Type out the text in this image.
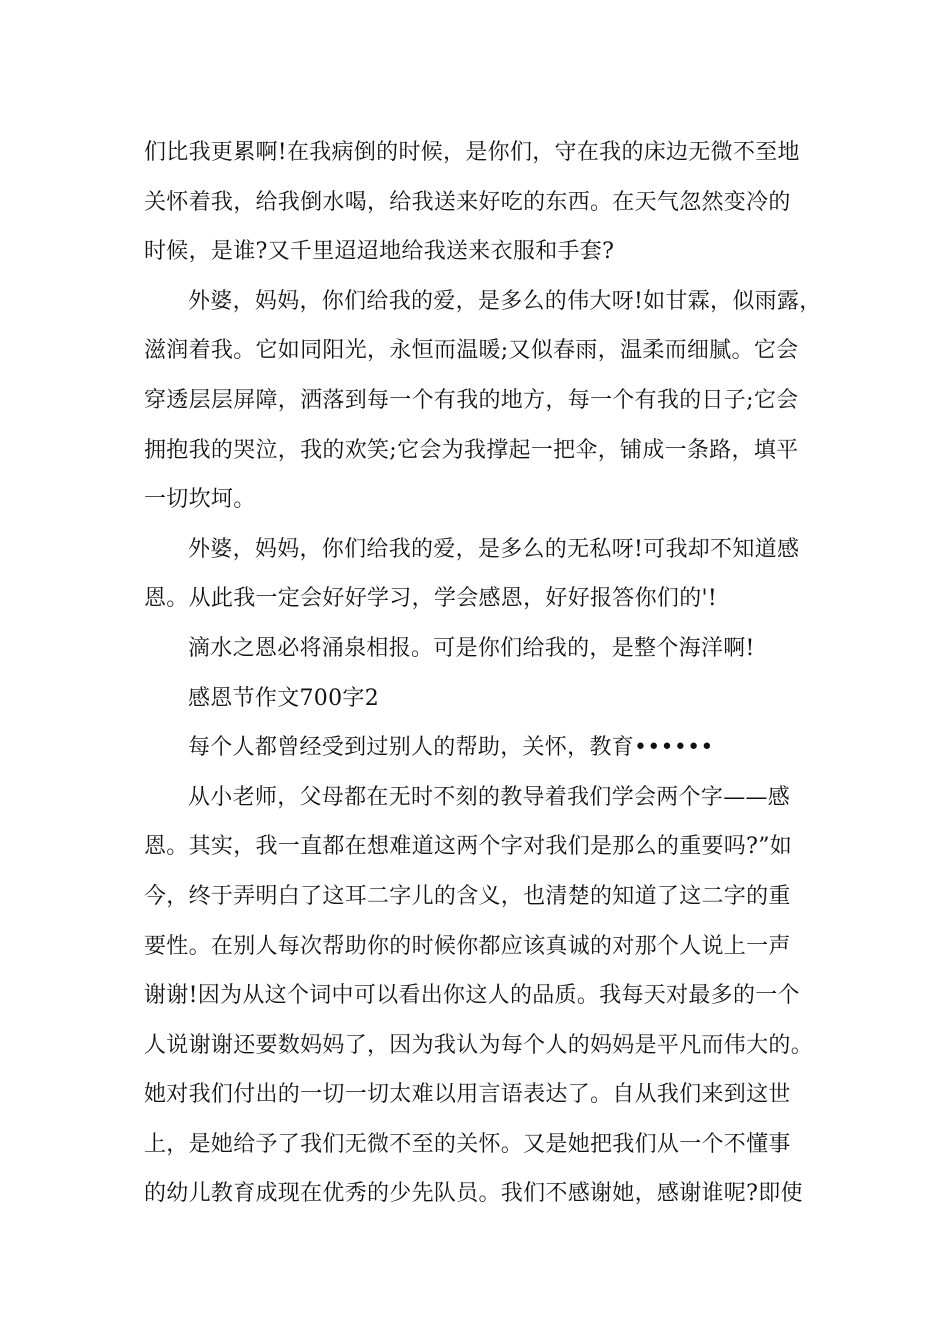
们比我更累啊!在我病倒的时候，是你们，守在我的床边无微不至地
关怀着我，给我倒水喝，给我送来好吃的东西。在天气忽然变冷的
时候，是谁?又千里迢迢地给我送来衣服和手套?

外婆，妈妈，你们给我的爱，是多么的伟大呀!如甘霖，似雨露，
滋润着我。它如同阳光，永恒而温暖;又似春雨，温柔而细腻。它会
穿透层层屏障，洒落到每一个有我的地方，每一个有我的日子;它会
拥抱我的哭泣，我的欢笑;它会为我撑起一把伞，铺成一条路，填平
一切坎坷。

外婆，妈妈，你们给我的爱，是多么的无私呀!可我却不知道感
恩。从此我一定会好好学习，学会感恩，好好报答你们的'!

滴水之恩必将涌泉相报。可是你们给我的，是整个海洋啊!

感恩节作文700字2

每个人都曾经受到过别人的帮助，关怀，教育••••••

从小老师，父母都在无时不刻的教导着我们学会两个字——感
恩。其实，我一直都在想难道这两个字对我们是那么的重要吗?”如
今，终于弄明白了这耳二字儿的含义，也清楚的知道了这二字的重
要性。在别人每次帮助你的时候你都应该真诚的对那个人说上一声
谢谢!因为从这个词中可以看出你这人的品质。我每天对最多的一个
人说谢谢还要数妈妈了，因为我认为每个人的妈妈是平凡而伟大的。
她对我们付出的一切一切太难以用言语表达了。自从我们来到这世
上，是她给予了我们无微不至的关怀。又是她把我们从一个不懂事
的幼儿教育成现在优秀的少先队员。我们不感谢她，感谢谁呢?即使
